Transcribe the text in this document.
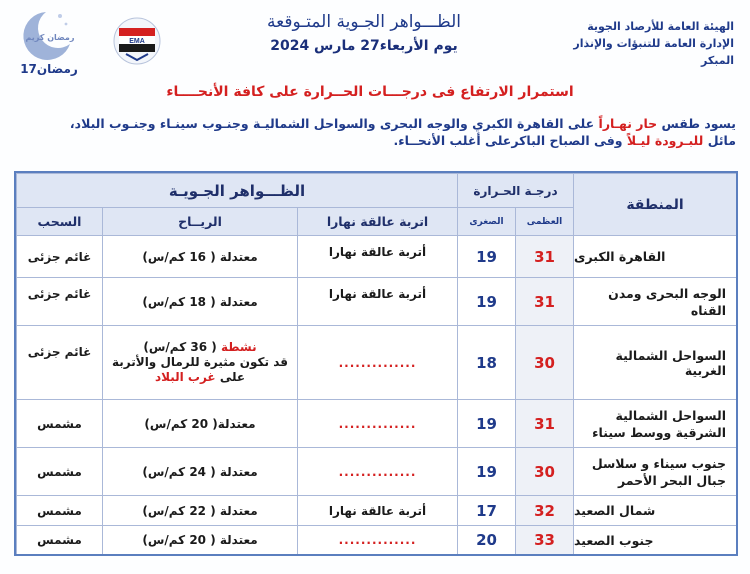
الهيئة العامة للأرصاد الجوية
الإدارة العامة للتنبؤات والإنذار المبكر
الظـــواهر الجـوية المتـوقعة
يوم الأربعاء27 مارس 2024
EMA
رمضان كريم
17رمضان
استمرار الارتفاع فى درجـــات الحــرارة على كافة الأنحــــاء
يسود طقس حار نهـاراً على القاهرة الكبري والوجه البحرى والسواحل الشماليـة وجنـوب سينـاء وجنـوب البلاد،
مائل للبـرودة ليـلاً وفى الصباح الباكرعلى أغلب الأنحــاء.
المنطقة
درجـة الحـرارة
الظـــواهر الجـويـة
العظمى
الصغرى
اتربة عالقة نهارا
الريــاح
السحب
القاهرة الكبرى
31
19
أتربة عالقة نهارا
معتدلة ( 16 كم/س)
غائم جزئى
الوجه البحرى ومدن القناه
31
19
أتربة عالقة نهارا
معتدلة ( 18 كم/س)
غائم جزئى
السواحل الشمالية الغربية
30
18
..............
نشطة ( 36 كم/س)
قد تكون مثيرة للرمال والأتربة
على غرب البلاد
غائم جزئى
السواحل الشمالية الشرقية ووسط سيناء
31
19
..............
معتدلة( 20 كم/س)
مشمس
جنوب سيناء و سلاسل جبال البحر الأحمر
30
19
..............
معتدلة ( 24 كم/س)
مشمس
شمال الصعيد
32
17
أتربة عالقة نهارا
معتدلة ( 22 كم/س)
مشمس
جنوب الصعيد
33
20
..............
معتدلة ( 20 كم/س)
مشمس
